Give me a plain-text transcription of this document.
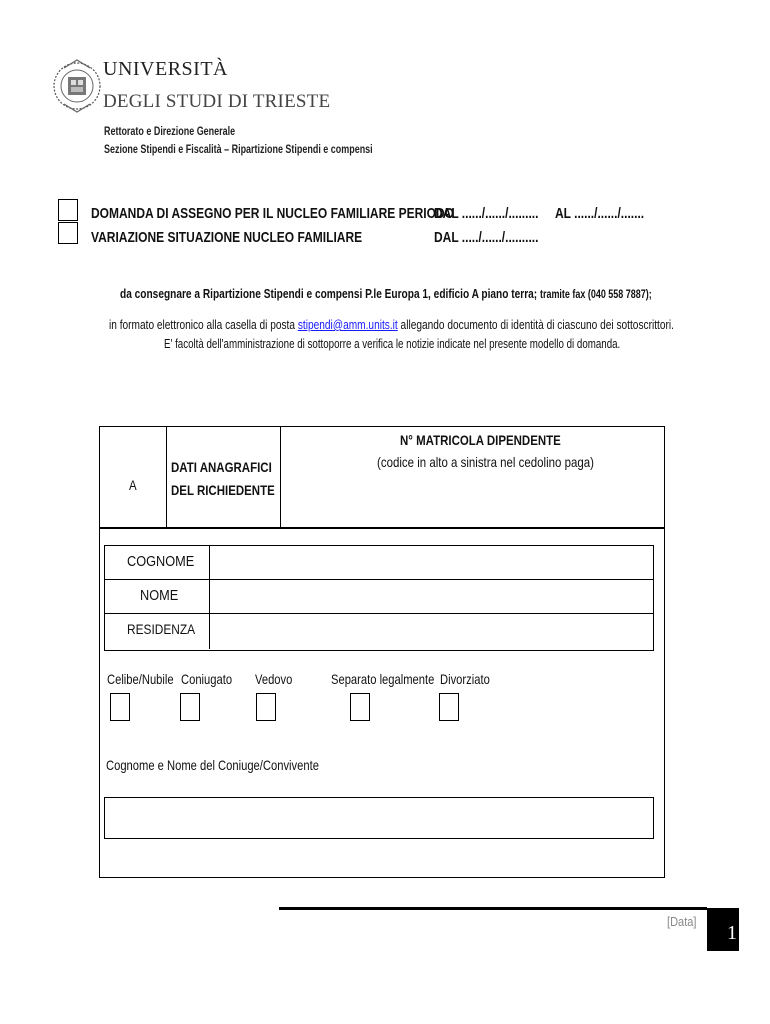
UNIVERSITÀ
DEGLI STUDI DI TRIESTE
Rettorato e Direzione Generale
Sezione Stipendi e Fiscalità – Ripartizione Stipendi e compensi
DOMANDA DI ASSEGNO PER IL NUCLEO FAMILIARE PERIODO
DAL ....../....../......... AL ....../....../.......
VARIAZIONE SITUAZIONE NUCLEO FAMILIARE	DAL ...../....../..........
da consegnare a Ripartizione Stipendi e compensi P.le Europa 1, edificio A piano terra; tramite fax (040 558 7887);
in formato elettronico alla casella di posta stipendi@amm.units.it allegando documento di identità di ciascuno dei sottoscrittori.
E' facoltà dell'amministrazione di sottoporre a verifica le notizie indicate nel presente modello di domanda.
A
DATI ANAGRAFICI
DEL RICHIEDENTE
N° MATRICOLA DIPENDENTE
(codice in alto a sinistra nel cedolino paga)
COGNOME
NOME
RESIDENZA
Celibe/Nubile Coniugato Vedovo	Separato legalmente Divorziato
Cognome e Nome del Coniuge/Convivente
[Data]
1
